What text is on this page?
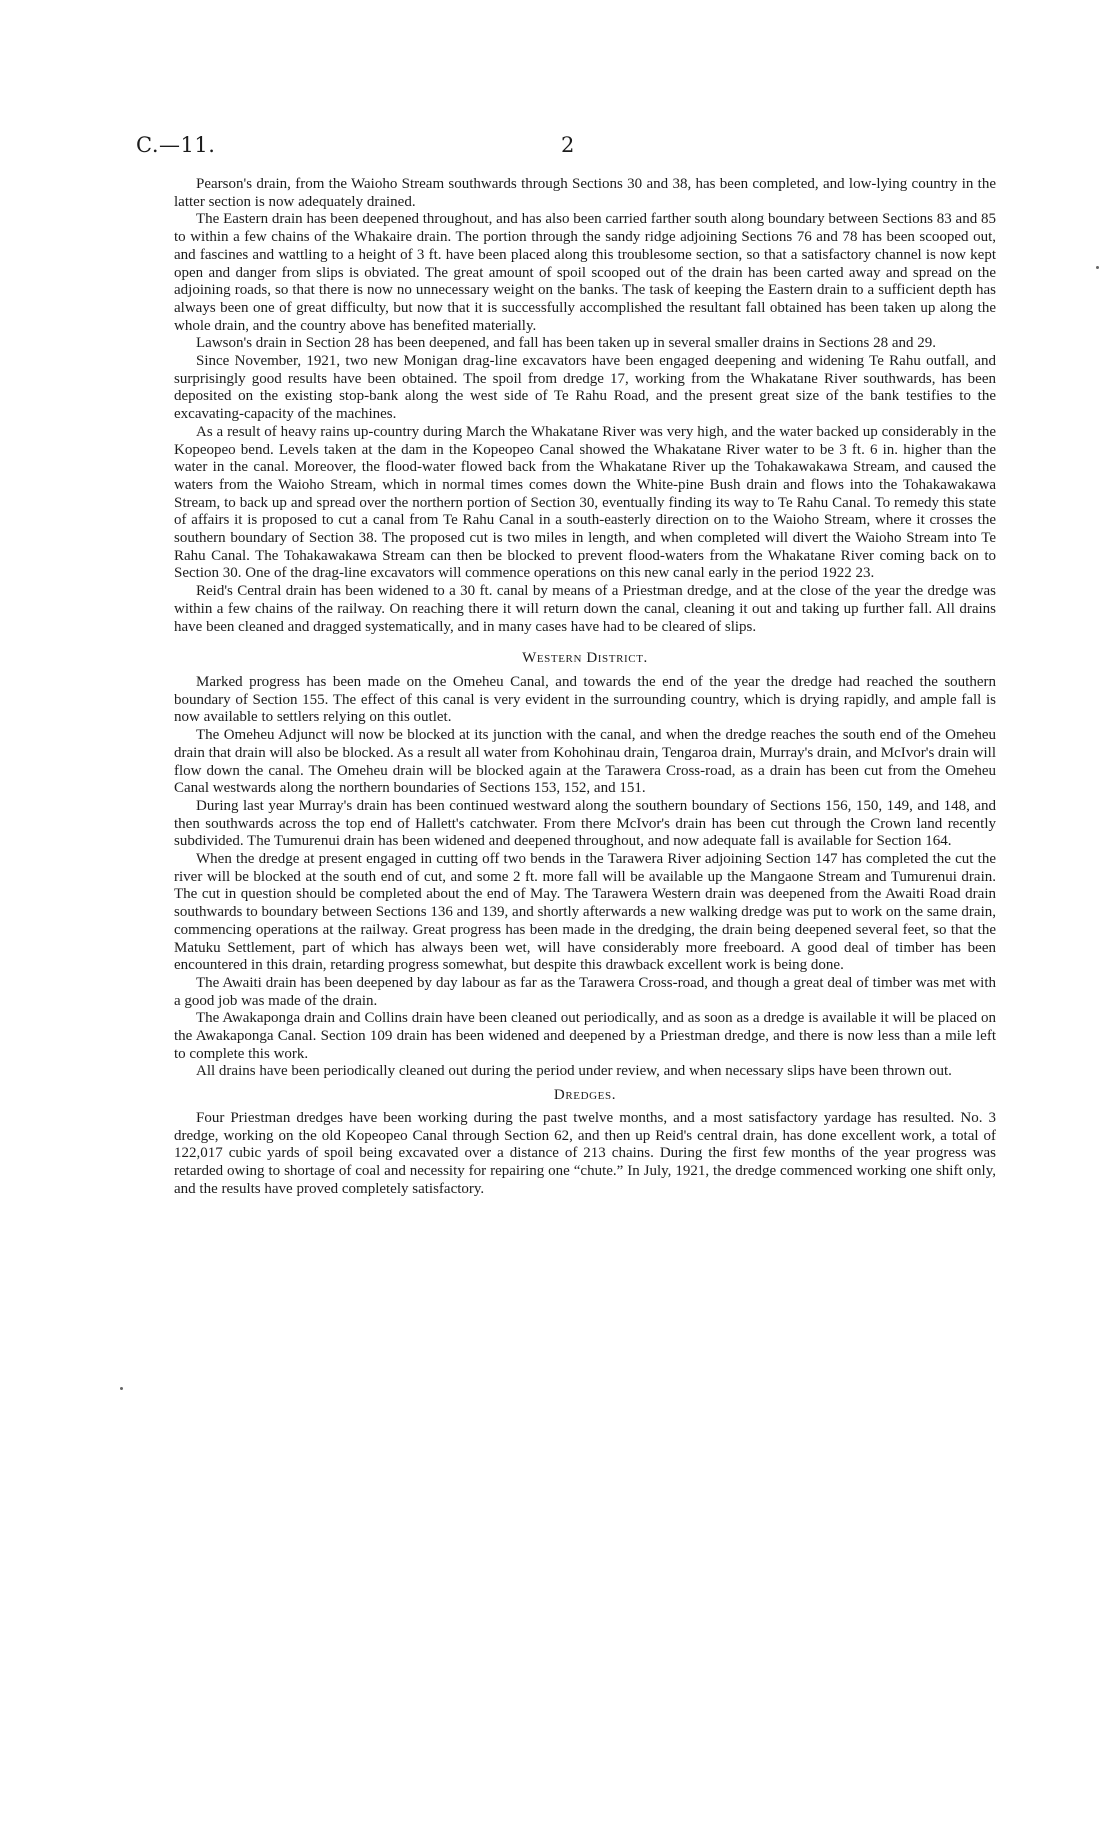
C.—11.	2

Pearson's drain, from the Waioho Stream southwards through Sections 30 and 38, has been completed, and low-lying country in the latter section is now adequately drained.

The Eastern drain has been deepened throughout, and has also been carried farther south along boundary between Sections 83 and 85 to within a few chains of the Whakaire drain. The portion through the sandy ridge adjoining Sections 76 and 78 has been scooped out, and fascines and wattling to a height of 3 ft. have been placed along this troublesome section, so that a satisfactory channel is now kept open and danger from slips is obviated. The great amount of spoil scooped out of the drain has been carted away and spread on the adjoining roads, so that there is now no unnecessary weight on the banks. The task of keeping the Eastern drain to a sufficient depth has always been one of great difficulty, but now that it is successfully accomplished the resultant fall obtained has been taken up along the whole drain, and the country above has benefited materially.

Lawson's drain in Section 28 has been deepened, and fall has been taken up in several smaller drains in Sections 28 and 29.

Since November, 1921, two new Monigan drag-line excavators have been engaged deepening and widening Te Rahu outfall, and surprisingly good results have been obtained. The spoil from dredge 17, working from the Whakatane River southwards, has been deposited on the existing stop-bank along the west side of Te Rahu Road, and the present great size of the bank testifies to the excavating-capacity of the machines.

As a result of heavy rains up-country during March the Whakatane River was very high, and the water backed up considerably in the Kopeopeo bend. Levels taken at the dam in the Kopeopeo Canal showed the Whakatane River water to be 3 ft. 6 in. higher than the water in the canal. Moreover, the flood-water flowed back from the Whakatane River up the Tohakawakawa Stream, and caused the waters from the Waioho Stream, which in normal times comes down the White-pine Bush drain and flows into the Tohakawakawa Stream, to back up and spread over the northern portion of Section 30, eventually finding its way to Te Rahu Canal. To remedy this state of affairs it is proposed to cut a canal from Te Rahu Canal in a south-easterly direction on to the Waioho Stream, where it crosses the southern boundary of Section 38. The proposed cut is two miles in length, and when completed will divert the Waioho Stream into Te Rahu Canal. The Tohakawakawa Stream can then be blocked to prevent flood-waters from the Whakatane River coming back on to Section 30. One of the drag-line excavators will commence operations on this new canal early in the period 1922 23.

Reid's Central drain has been widened to a 30 ft. canal by means of a Priestman dredge, and at the close of the year the dredge was within a few chains of the railway. On reaching there it will return down the canal, cleaning it out and taking up further fall. All drains have been cleaned and dragged systematically, and in many cases have had to be cleared of slips.

Western District.

Marked progress has been made on the Omeheu Canal, and towards the end of the year the dredge had reached the southern boundary of Section 155. The effect of this canal is very evident in the surrounding country, which is drying rapidly, and ample fall is now available to settlers relying on this outlet.

The Omeheu Adjunct will now be blocked at its junction with the canal, and when the dredge reaches the south end of the Omeheu drain that drain will also be blocked. As a result all water from Kohohinau drain, Tengaroa drain, Murray's drain, and McIvor's drain will flow down the canal. The Omeheu drain will be blocked again at the Tarawera Cross-road, as a drain has been cut from the Omeheu Canal westwards along the northern boundaries of Sections 153, 152, and 151.

During last year Murray's drain has been continued westward along the southern boundary of Sections 156, 150, 149, and 148, and then southwards across the top end of Hallett's catchwater. From there McIvor's drain has been cut through the Crown land recently subdivided. The Tumurenui drain has been widened and deepened throughout, and now adequate fall is available for Section 164.

When the dredge at present engaged in cutting off two bends in the Tarawera River adjoining Section 147 has completed the cut the river will be blocked at the south end of cut, and some 2 ft. more fall will be available up the Mangaone Stream and Tumurenui drain. The cut in question should be completed about the end of May. The Tarawera Western drain was deepened from the Awaiti Road drain southwards to boundary between Sections 136 and 139, and shortly afterwards a new walking dredge was put to work on the same drain, commencing operations at the railway. Great progress has been made in the dredging, the drain being deepened several feet, so that the Matuku Settlement, part of which has always been wet, will have considerably more freeboard. A good deal of timber has been encountered in this drain, retarding progress somewhat, but despite this drawback excellent work is being done.

The Awaiti drain has been deepened by day labour as far as the Tarawera Cross-road, and though a great deal of timber was met with a good job was made of the drain.

The Awakaponga drain and Collins drain have been cleaned out periodically, and as soon as a dredge is available it will be placed on the Awakaponga Canal. Section 109 drain has been widened and deepened by a Priestman dredge, and there is now less than a mile left to complete this work.

All drains have been periodically cleaned out during the period under review, and when necessary slips have been thrown out.

Dredges.

Four Priestman dredges have been working during the past twelve months, and a most satisfactory yardage has resulted. No. 3 dredge, working on the old Kopeopeo Canal through Section 62, and then up Reid's central drain, has done excellent work, a total of 122,017 cubic yards of spoil being excavated over a distance of 213 chains. During the first few months of the year progress was retarded owing to shortage of coal and necessity for repairing one “chute.” In July, 1921, the dredge commenced working one shift only, and the results have proved completely satisfactory.
